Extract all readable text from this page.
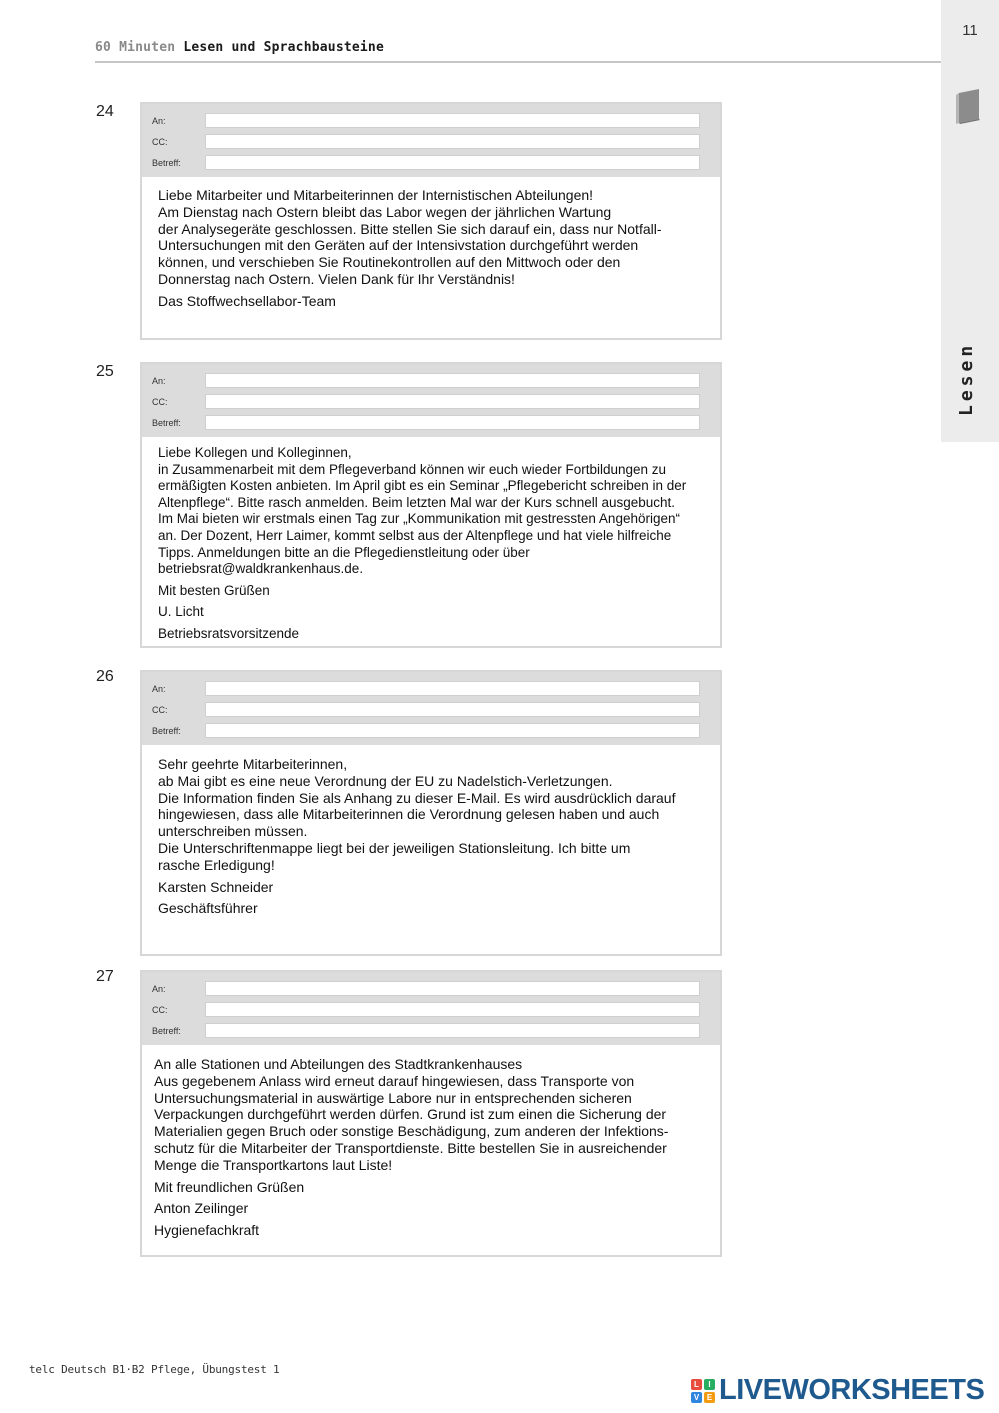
60 Minuten Lesen und Sprachbausteine
11
Lesen
24
An:
CC:
Betreff:
Liebe Mitarbeiter und Mitarbeiterinnen der Internistischen Abteilungen!
Am Dienstag nach Ostern bleibt das Labor wegen der jährlichen Wartung
der Analysegeräte geschlossen. Bitte stellen Sie sich darauf ein, dass nur Notfall-
Untersuchungen mit den Geräten auf der Intensivstation durchgeführt werden
können, und verschieben Sie Routinekontrollen auf den Mittwoch oder den
Donnerstag nach Ostern. Vielen Dank für Ihr Verständnis!
Das Stoffwechsellabor-Team
25
An:
CC:
Betreff:
Liebe Kollegen und Kolleginnen,
in Zusammenarbeit mit dem Pflegeverband können wir euch wieder Fortbildungen zu
ermäßigten Kosten anbieten. Im April gibt es ein Seminar „Pflegebericht schreiben in der
Altenpflege“. Bitte rasch anmelden. Beim letzten Mal war der Kurs schnell ausgebucht.
Im Mai bieten wir erstmals einen Tag zur „Kommunikation mit gestressten Angehörigen“
an. Der Dozent, Herr Laimer, kommt selbst aus der Altenpflege und hat viele hilfreiche
Tipps. Anmeldungen bitte an die Pflegedienstleitung oder über
betriebsrat@waldkrankenhaus.de.
Mit besten Grüßen
U. Licht
Betriebsratsvorsitzende
26
An:
CC:
Betreff:
Sehr geehrte Mitarbeiterinnen,
ab Mai gibt es eine neue Verordnung der EU zu Nadelstich-Verletzungen.
Die Information finden Sie als Anhang zu dieser E-Mail. Es wird ausdrücklich darauf
hingewiesen, dass alle Mitarbeiterinnen die Verordnung gelesen haben und auch
unterschreiben müssen.
Die Unterschriftenmappe liegt bei der jeweiligen Stationsleitung. Ich bitte um
rasche Erledigung!
Karsten Schneider
Geschäftsführer
27
An:
CC:
Betreff:
An alle Stationen und Abteilungen des Stadtkrankenhauses
Aus gegebenem Anlass wird erneut darauf hingewiesen, dass Transporte von
Untersuchungsmaterial in auswärtige Labore nur in entsprechenden sicheren
Verpackungen durchgeführt werden dürfen. Grund ist zum einen die Sicherung der
Materialien gegen Bruch oder sonstige Beschädigung, zum anderen der Infektions-
schutz für die Mitarbeiter der Transportdienste. Bitte bestellen Sie in ausreichender
Menge die Transportkartons laut Liste!
Mit freundlichen Grüßen
Anton Zeilinger
Hygienefachkraft
telc Deutsch B1·B2 Pflege, Übungstest 1
L	I
V E LIVEWORKSHEETS
